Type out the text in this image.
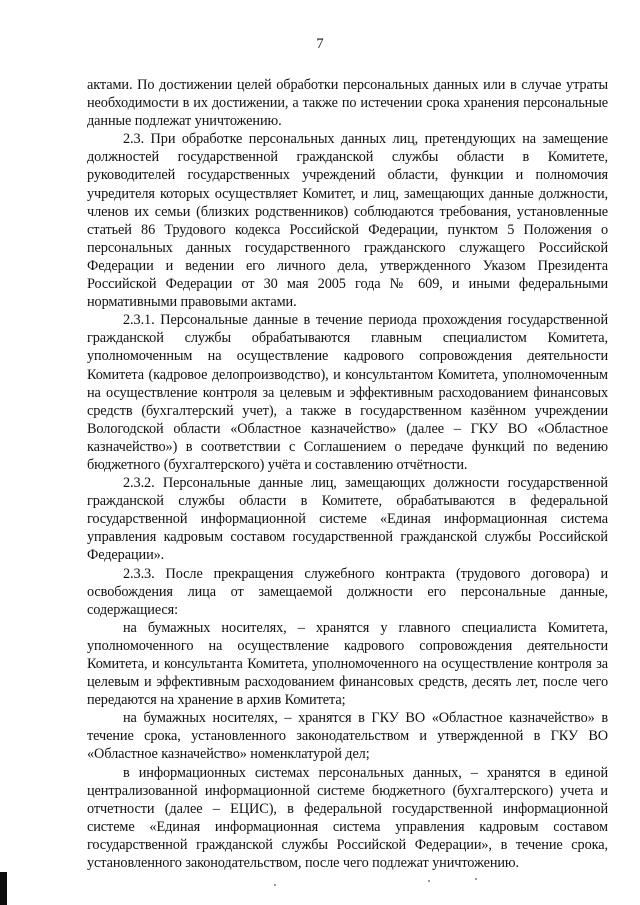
7

актами. По достижении целей обработки персональных данных или в случае утраты необходимости в их достижении, а также по истечении срока хранения персональные данные подлежат уничтожению.

2.3. При обработке персональных данных лиц, претендующих на замещение должностей государственной гражданской службы области в Комитете, руководителей государственных учреждений области, функции и полномочия учредителя которых осуществляет Комитет, и лиц, замещающих данные должности, членов их семьи (близких родственников) соблюдаются требования, установленные статьей 86 Трудового кодекса Российской Федерации, пунктом 5 Положения о персональных данных государственного гражданского служащего Российской Федерации и ведении его личного дела, утвержденного Указом Президента Российской Федерации от 30 мая 2005 года № 609, и иными федеральными нормативными правовыми актами.

2.3.1. Персональные данные в течение периода прохождения государственной гражданской службы обрабатываются главным специалистом Комитета, уполномоченным на осуществление кадрового сопровождения деятельности Комитета (кадровое делопроизводство), и консультантом Комитета, уполномоченным на осуществление контроля за целевым и эффективным расходованием финансовых средств (бухгалтерский учет), а также в государственном казённом учреждении Вологодской области «Областное казначейство» (далее – ГКУ ВО «Областное казначейство») в соответствии с Соглашением о передаче функций по ведению бюджетного (бухгалтерского) учёта и составлению отчётности.

2.3.2. Персональные данные лиц, замещающих должности государственной гражданской службы области в Комитете, обрабатываются в федеральной государственной информационной системе «Единая информационная система управления кадровым составом государственной гражданской службы Российской Федерации».

2.3.3. После прекращения служебного контракта (трудового договора) и освобождения лица от замещаемой должности его персональные данные, содержащиеся:

на бумажных носителях, – хранятся у главного специалиста Комитета, уполномоченного на осуществление кадрового сопровождения деятельности Комитета, и консультанта Комитета, уполномоченного на осуществление контроля за целевым и эффективным расходованием финансовых средств, десять лет, после чего передаются на хранение в архив Комитета;

на бумажных носителях, – хранятся в ГКУ ВО «Областное казначейство» в течение срока, установленного законодательством и утвержденной в ГКУ ВО «Областное казначейство» номенклатурой дел;

в информационных системах персональных данных, – хранятся в единой централизованной информационной системе бюджетного (бухгалтерского) учета и отчетности (далее – ЕЦИС), в федеральной государственной информационной системе «Единая информационная система управления кадровым составом государственной гражданской службы Российской Федерации», в течение срока, установленного законодательством, после чего подлежат уничтожению.
